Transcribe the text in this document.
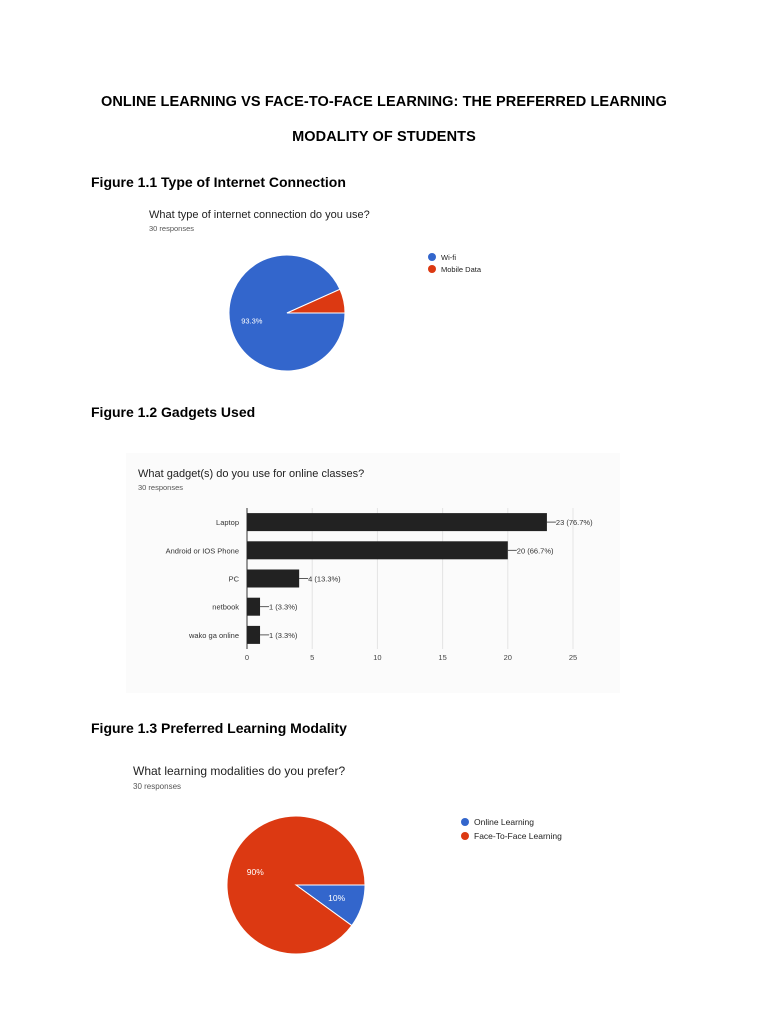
ONLINE LEARNING VS FACE-TO-FACE LEARNING: THE PREFERRED LEARNING
MODALITY OF STUDENTS
Figure 1.1 Type of Internet Connection
What type of internet connection do you use?
30 responses
93.3%
Wi-fi
Mobile Data
Figure 1.2 Gadgets Used
What gadget(s) do you use for online classes?
30 responses
0	5	10	15	20	25
Laptop	23 (76.7%)
Android or IOS Phone	20 (66.7%)
PC	4 (13.3%)
netbook	1 (3.3%)
wako ga online	1 (3.3%)
Figure 1.3 Preferred Learning Modality
What learning modalities do you prefer?
30 responses
10%
90%
Online Learning
Face-To-Face Learning
